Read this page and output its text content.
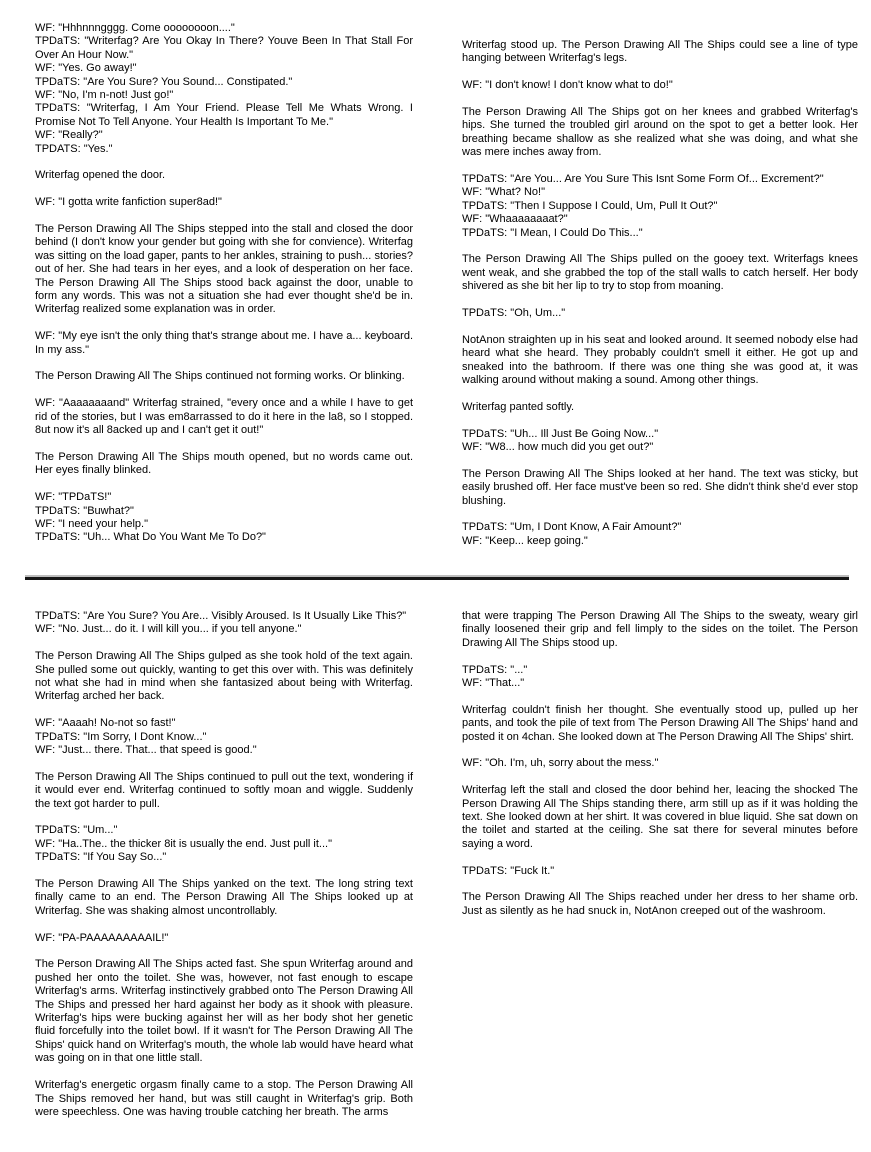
WF: "Hhhnnngggg. Come oooooooon...."
TPDaTS: "Writerfag? Are You Okay In There? Youve Been In That Stall For Over An Hour Now."
WF: "Yes. Go away!"
TPDaTS: "Are You Sure? You Sound... Constipated."
WF: "No, I'm n-not! Just go!"
TPDaTS: "Writerfag, I Am Your Friend. Please Tell Me Whats Wrong. I Promise Not To Tell Anyone. Your Health Is Important To Me."
WF: "Really?"
TPDATS: "Yes."
Writerfag opened the door.
WF: "I gotta write fanfiction super8ad!"
The Person Drawing All The Ships stepped into the stall and closed the door behind (I don't know your gender but going with she for convience). Writerfag was sitting on the load gaper, pants to her ankles, straining to push... stories? out of her. She had tears in her eyes, and a look of desperation on her face. The Person Drawing All The Ships stood back against the door, unable to form any words. This was not a situation she had ever thought she'd be in. Writerfag realized some explanation was in order.
WF: "My eye isn't the only thing that's strange about me. I have a... keyboard. In my ass."
The Person Drawing All The Ships continued not forming works. Or blinking.
WF: "Aaaaaaaand" Writerfag strained, "every once and a while I have to get rid of the stories, but I was em8arrassed to do it here in the la8, so I stopped. 8ut now it's all 8acked up and I can't get it out!"
The Person Drawing All The Ships mouth opened, but no words came out. Her eyes finally blinked.
WF: "TPDaTS!"
TPDaTS: "Buwhat?"
WF: "I need your help."
TPDaTS: "Uh... What Do You Want Me To Do?"
Writerfag stood up. The Person Drawing All The Ships could see a line of type hanging between Writerfag's legs.
WF: "I don't know! I don't know what to do!"
The Person Drawing All The Ships got on her knees and grabbed Writerfag's hips. She turned the troubled girl around on the spot to get a better look. Her breathing became shallow as she realized what she was doing, and what she was mere inches away from.
TPDaTS: "Are You... Are You Sure This Isnt Some Form Of... Excrement?"
WF: "What? No!"
TPDaTS: "Then I Suppose I Could, Um, Pull It Out?"
WF: "Whaaaaaaaat?"
TPDaTS: "I Mean, I Could Do This..."
The Person Drawing All The Ships pulled on the gooey text. Writerfags knees went weak, and she grabbed the top of the stall walls to catch herself. Her body shivered as she bit her lip to try to stop from moaning.
TPDaTS: "Oh, Um..."
NotAnon straighten up in his seat and looked around. It seemed nobody else had heard what she heard. They probably couldn't smell it either. He got up and sneaked into the bathroom. If there was one thing she was good at, it was walking around without making a sound. Among other things.
Writerfag panted softly.
TPDaTS: "Uh... Ill Just Be Going Now..."
WF: "W8... how much did you get out?"
The Person Drawing All The Ships looked at her hand. The text was sticky, but easily brushed off. Her face must've been so red. She didn't think she'd ever stop blushing.
TPDaTS: "Um, I Dont Know, A Fair Amount?"
WF: "Keep... keep going."
TPDaTS: "Are You Sure? You Are... Visibly Aroused. Is It Usually Like This?"
WF: "No. Just... do it. I will kill you... if you tell anyone."
The Person Drawing All The Ships gulped as she took hold of the text again. She pulled some out quickly, wanting to get this over with. This was definitely not what she had in mind when she fantasized about being with Writerfag. Writerfag arched her back.
WF: "Aaaah! No-not so fast!"
TPDaTS: "Im Sorry, I Dont Know..."
WF: "Just... there. That... that speed is good."
The Person Drawing All The Ships continued to pull out the text, wondering if it would ever end. Writerfag continued to softly moan and wiggle. Suddenly the text got harder to pull.
TPDaTS: "Um..."
WF: "Ha..The.. the thicker 8it is usually the end. Just pull it..."
TPDaTS: "If You Say So..."
The Person Drawing All The Ships yanked on the text. The long string text finally came to an end. The Person Drawing All The Ships looked up at Writerfag. She was shaking almost uncontrollably.
WF: "PA-PAAAAAAAAAIL!"
The Person Drawing All The Ships acted fast. She spun Writerfag around and pushed her onto the toilet. She was, however, not fast enough to escape Writerfag's arms. Writerfag instinctively grabbed onto The Person Drawing All The Ships and pressed her hard against her body as it shook with pleasure. Writerfag's hips were bucking against her will as her body shot her genetic fluid forcefully into the toilet bowl. If it wasn't for The Person Drawing All The Ships' quick hand on Writerfag's mouth, the whole lab would have heard what was going on in that one little stall.
Writerfag's energetic orgasm finally came to a stop. The Person Drawing All The Ships removed her hand, but was still caught in Writerfag's grip. Both were speechless. One was having trouble catching her breath. The arms
that were trapping The Person Drawing All The Ships to the sweaty, weary girl finally loosened their grip and fell limply to the sides on the toilet. The Person Drawing All The Ships stood up.
TPDaTS: "..."
WF: "That..."
Writerfag couldn't finish her thought. She eventually stood up, pulled up her pants, and took the pile of text from The Person Drawing All The Ships' hand and posted it on 4chan. She looked down at The Person Drawing All The Ships' shirt.
WF: "Oh. I'm, uh, sorry about the mess."
Writerfag left the stall and closed the door behind her, leacing the shocked The Person Drawing All The Ships standing there, arm still up as if it was holding the text. She looked down at her shirt. It was covered in blue liquid. She sat down on the toilet and started at the ceiling. She sat there for several minutes before saying a word.
TPDaTS: "Fuck It."
The Person Drawing All The Ships reached under her dress to her shame orb. Just as silently as he had snuck in, NotAnon creeped out of the washroom.
